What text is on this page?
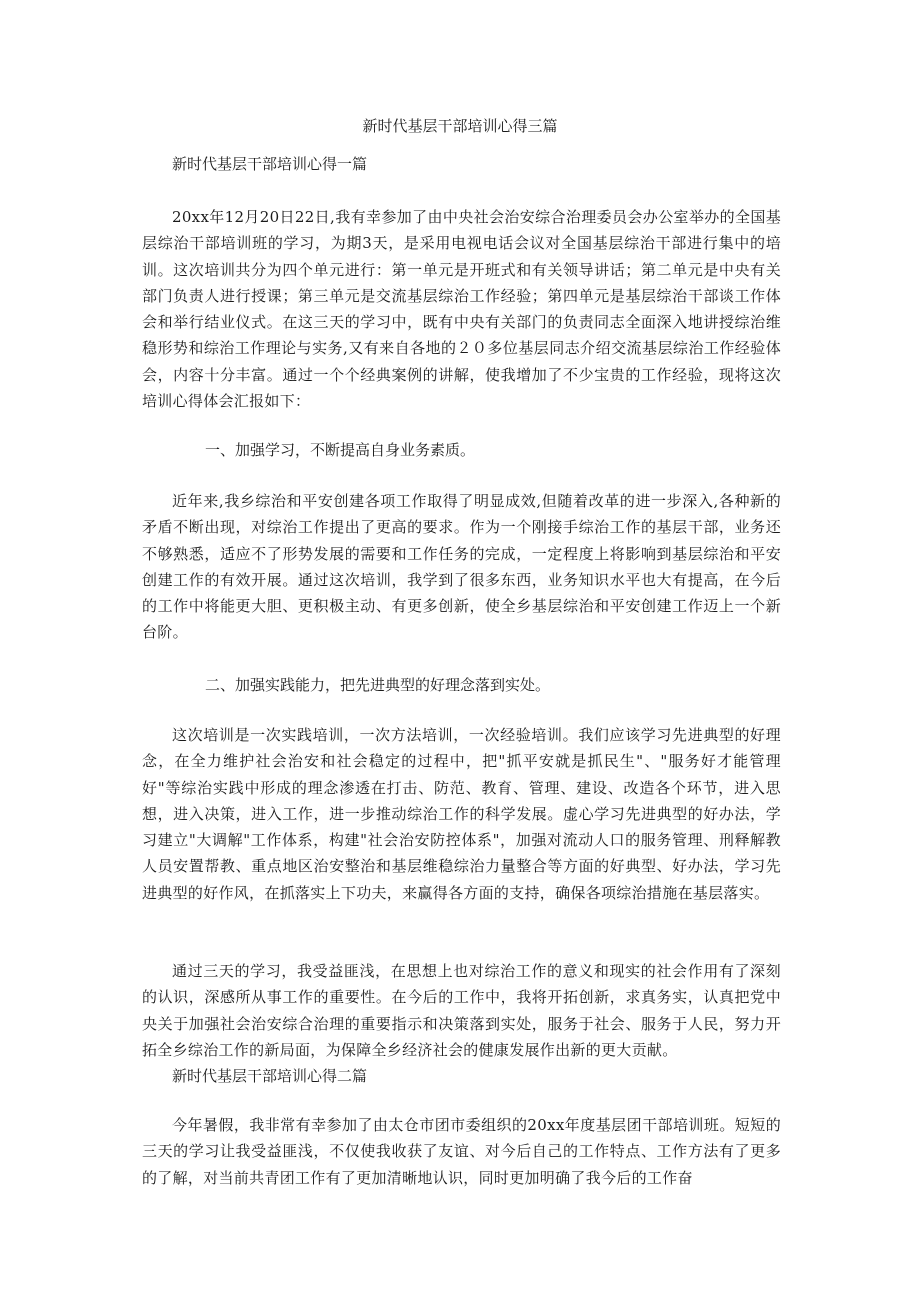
新时代基层干部培训心得三篇
新时代基层干部培训心得一篇

20xx年12月20日22日,我有幸参加了由中央社会治安综合治理委员会办公室举办的全国基层综治干部培训班的学习，为期3天，是采用电视电话会议对全国基层综治干部进行集中的培训。这次培训共分为四个单元进行：第一单元是开班式和有关领导讲话；第二单元是中央有关部门负责人进行授课；第三单元是交流基层综治工作经验；第四单元是基层综治干部谈工作体会和举行结业仪式。在这三天的学习中，既有中央有关部门的负责同志全面深入地讲授综治维稳形势和综治工作理论与实务,又有来自各地的２０多位基层同志介绍交流基层综治工作经验体会，内容十分丰富。通过一个个经典案例的讲解，使我增加了不少宝贵的工作经验，现将这次培训心得体会汇报如下：

一、加强学习，不断提高自身业务素质。

近年来,我乡综治和平安创建各项工作取得了明显成效,但随着改革的进一步深入,各种新的矛盾不断出现，对综治工作提出了更高的要求。作为一个刚接手综治工作的基层干部，业务还不够熟悉，适应不了形势发展的需要和工作任务的完成，一定程度上将影响到基层综治和平安创建工作的有效开展。通过这次培训，我学到了很多东西，业务知识水平也大有提高，在今后的工作中将能更大胆、更积极主动、有更多创新，使全乡基层综治和平安创建工作迈上一个新台阶。

二、加强实践能力，把先进典型的好理念落到实处。

这次培训是一次实践培训，一次方法培训，一次经验培训。我们应该学习先进典型的好理念，在全力维护社会治安和社会稳定的过程中，把"抓平安就是抓民生"、"服务好才能管理好"等综治实践中形成的理念渗透在打击、防范、教育、管理、建设、改造各个环节，进入思想，进入决策，进入工作，进一步推动综治工作的科学发展。虚心学习先进典型的好办法，学习建立"大调解"工作体系，构建"社会治安防控体系"，加强对流动人口的服务管理、刑释解教人员安置帮教、重点地区治安整治和基层维稳综治力量整合等方面的好典型、好办法，学习先进典型的好作风，在抓落实上下功夫，来赢得各方面的支持，确保各项综治措施在基层落实。

通过三天的学习，我受益匪浅，在思想上也对综治工作的意义和现实的社会作用有了深刻的认识，深感所从事工作的重要性。在今后的工作中，我将开拓创新，求真务实，认真把党中央关于加强社会治安综合治理的重要指示和决策落到实处，服务于社会、服务于人民，努力开拓全乡综治工作的新局面，为保障全乡经济社会的健康发展作出新的更大贡献。

新时代基层干部培训心得二篇

今年暑假，我非常有幸参加了由太仓市团市委组织的20xx年度基层团干部培训班。短短的三天的学习让我受益匪浅，不仅使我收获了友谊、对今后自己的工作特点、工作方法有了更多的了解，对当前共青团工作有了更加清晰地认识，同时更加明确了我今后的工作奋
